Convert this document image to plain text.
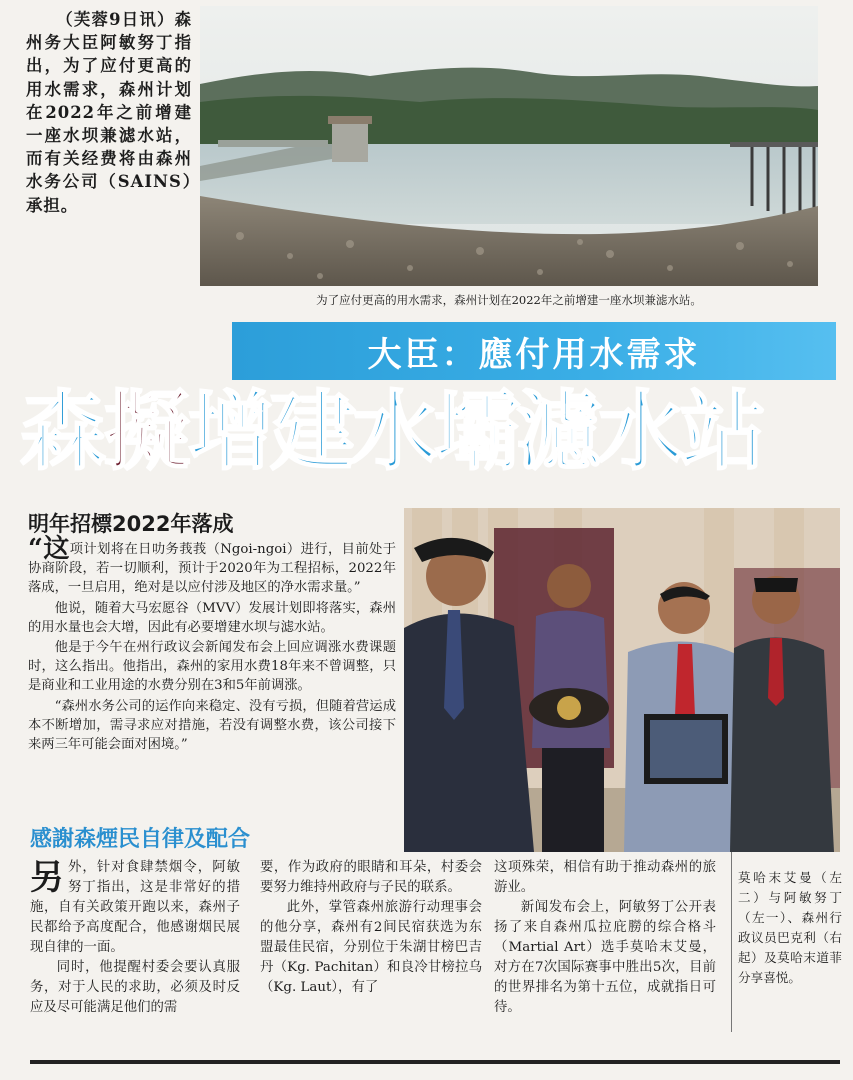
（芙蓉9日讯）森州务大臣阿敏努丁指出，为了应付更高的用水需求，森州计划在2022年之前增建一座水坝兼滤水站，而有关经费将由森州水务公司（SAINS）承担。
为了应付更高的用水需求，森州计划在2022年之前增建一座水坝兼滤水站。
大臣：應付用水需求
森擬增建水壩濾水站
明年招標2022年落成

“这项计划将在日叻务莪莪（Ngoi-ngoi）进行，目前处于协商阶段，若一切顺利，预计于2020年为工程招标，2022年落成，一旦启用，绝对是以应付涉及地区的净水需求量。”

他说，随着大马宏愿谷（MVV）发展计划即将落实，森州的用水量也会大增，因此有必要增建水坝与滤水站。

他是于今午在州行政议会新闻发布会上回应调涨水费课题时，这么指出。他指出，森州的家用水费18年来不曾调整，只是商业和工业用途的水费分别在3和5年前调涨。

“森州水务公司的运作向来稳定、没有亏损，但随着营运成本不断增加，需寻求应对措施，若没有调整水费，该公司接下来两三年可能会面对困境。”

感謝森煙民自律及配合
另 外，针对食肆禁烟令，阿敏努丁指出，这是非常好的措施，自有关政策开跑以来，森州子民都给予高度配合，他感谢烟民展现自律的一面。

同时，他提醒村委会要认真服务，对于人民的求助，必须及时反应及尽可能满足他们的需

要，作为政府的眼睛和耳朵，村委会要努力维持州政府与子民的联系。

此外，掌管森州旅游行动理事会的他分享，森州有2间民宿获选为东盟最佳民宿，分别位于朱湖甘榜巴吉丹（Kg. Pachitan）和良冷甘榜拉乌（Kg. Laut），有了

这项殊荣，相信有助于推动森州的旅游业。

新闻发布会上，阿敏努丁公开表扬了来自森州瓜拉庇朥的综合格斗（Martial Art）选手莫哈末艾曼，对方在7次国际赛事中胜出5次，目前的世界排名为第十五位，成就指日可待。

莫哈末艾曼（左二）与阿敏努丁（左一）、森州行政议员巴克利（右起）及莫哈末道菲分享喜悦。
